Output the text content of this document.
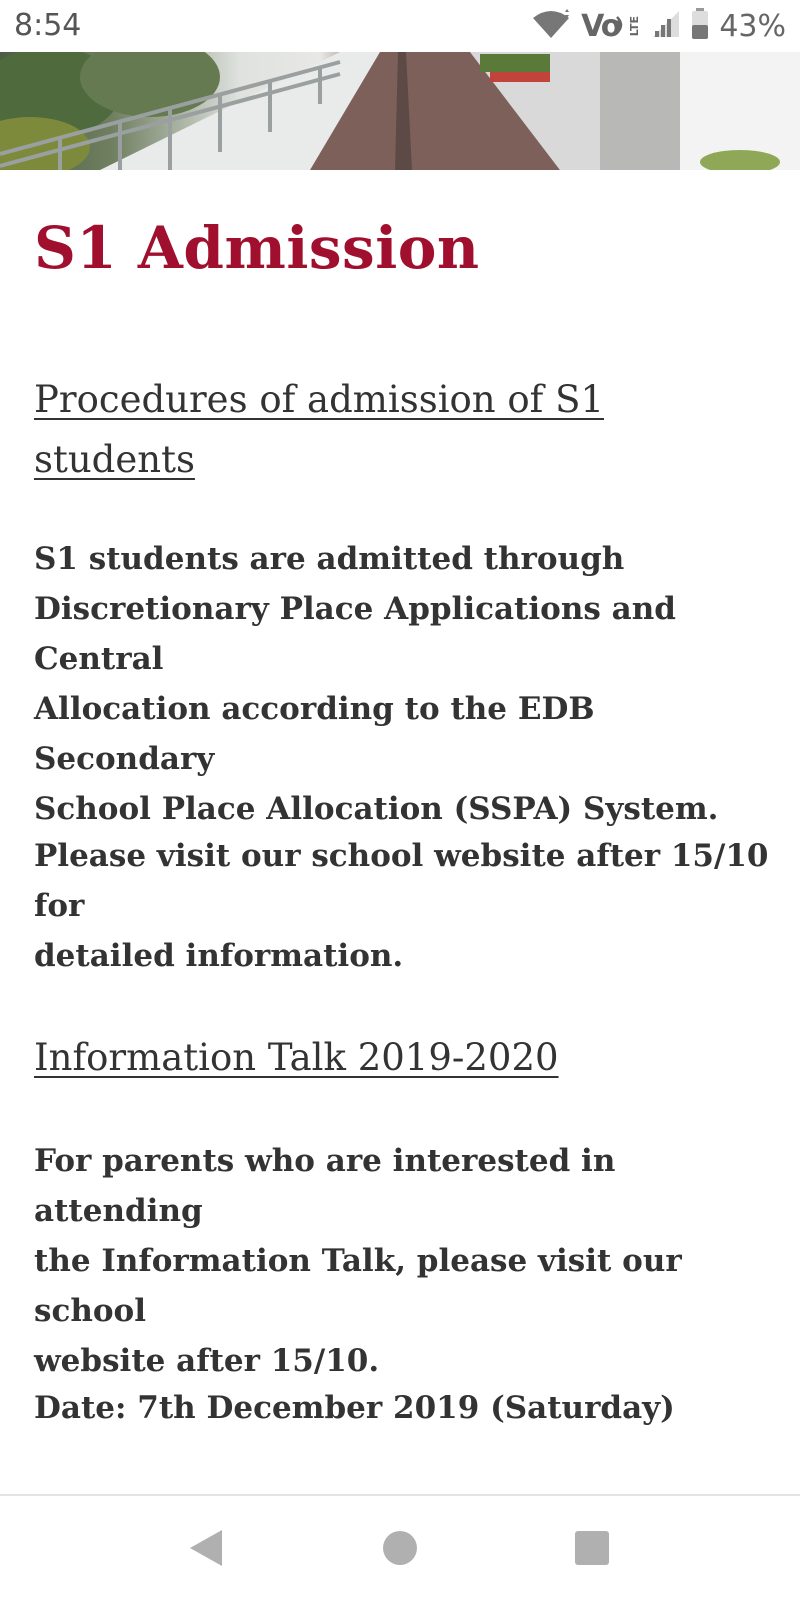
8:54	Vo LTE	43%
S1 Admission
Procedures of admission of S1
students

S1 students are admitted through
Discretionary Place Applications and Central
Allocation according to the EDB Secondary
School Place Allocation (SSPA) System.

Please visit our school website after 15/10 for
detailed information.

Information Talk 2019-2020

For parents who are interested in attending
the Information Talk, please visit our school
website after 15/10.

Date: 7th December 2019 (Saturday)
